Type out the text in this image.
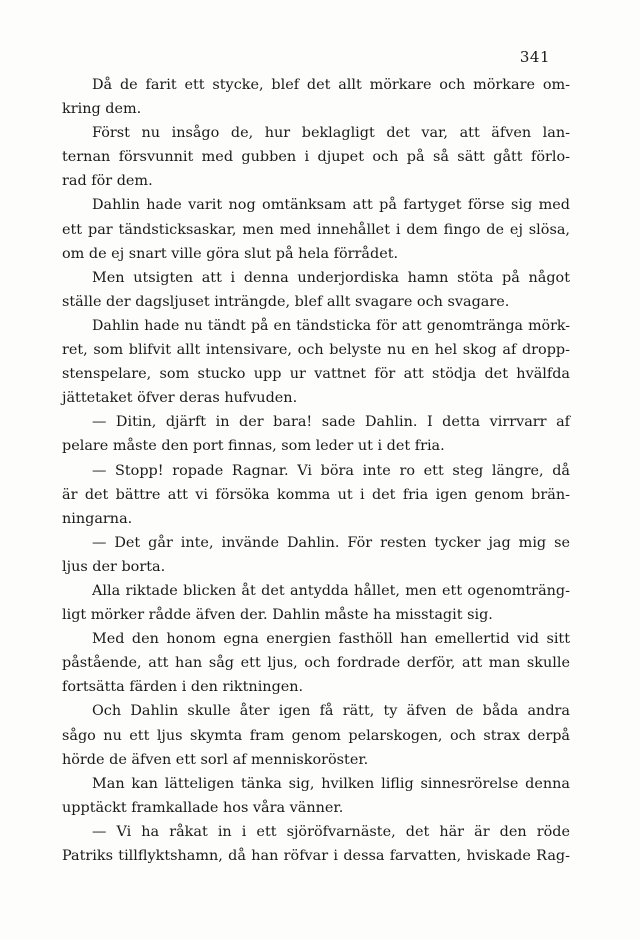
341
Då de farit ett stycke, blef det allt mörkare och mörkare om-
kring dem.
Först nu insågo de, hur beklagligt det var, att äfven lan-
ternan försvunnit med gubben i djupet och på så sätt gått förlo-
rad för dem.
Dahlin hade varit nog omtänksam att på fartyget förse sig med
ett par tändsticksaskar, men med innehållet i dem fingo de ej slösa,
om de ej snart ville göra slut på hela förrådet.
Men utsigten att i denna underjordiska hamn stöta på något
ställe der dagsljuset inträngde, blef allt svagare och svagare.
Dahlin hade nu tändt på en tändsticka för att genomtränga mörk-
ret, som blifvit allt intensivare, och belyste nu en hel skog af dropp-
stenspelare, som stucko upp ur vattnet för att stödja det hvälfda
jättetaket öfver deras hufvuden.
— Ditin, djärft in der bara! sade Dahlin. I detta virrvarr af
pelare måste den port finnas, som leder ut i det fria.
— Stopp! ropade Ragnar. Vi böra inte ro ett steg längre, då
är det bättre att vi försöka komma ut i det fria igen genom brän-
ningarna.
— Det går inte, invände Dahlin. För resten tycker jag mig se
ljus der borta.
Alla riktade blicken åt det antydda hållet, men ett ogenomträng-
ligt mörker rådde äfven der. Dahlin måste ha misstagit sig.
Med den honom egna energien fasthöll han emellertid vid sitt
påstående, att han såg ett ljus, och fordrade derför, att man skulle
fortsätta färden i den riktningen.
Och Dahlin skulle åter igen få rätt, ty äfven de båda andra
sågo nu ett ljus skymta fram genom pelarskogen, och strax derpå
hörde de äfven ett sorl af menniskoröster.
Man kan lätteligen tänka sig, hvilken liflig sinnesrörelse denna
upptäckt framkallade hos våra vänner.
— Vi ha råkat in i ett sjöröfvarnäste, det här är den röde
Patriks tillflyktshamn, då han röfvar i dessa farvatten, hviskade Rag-
